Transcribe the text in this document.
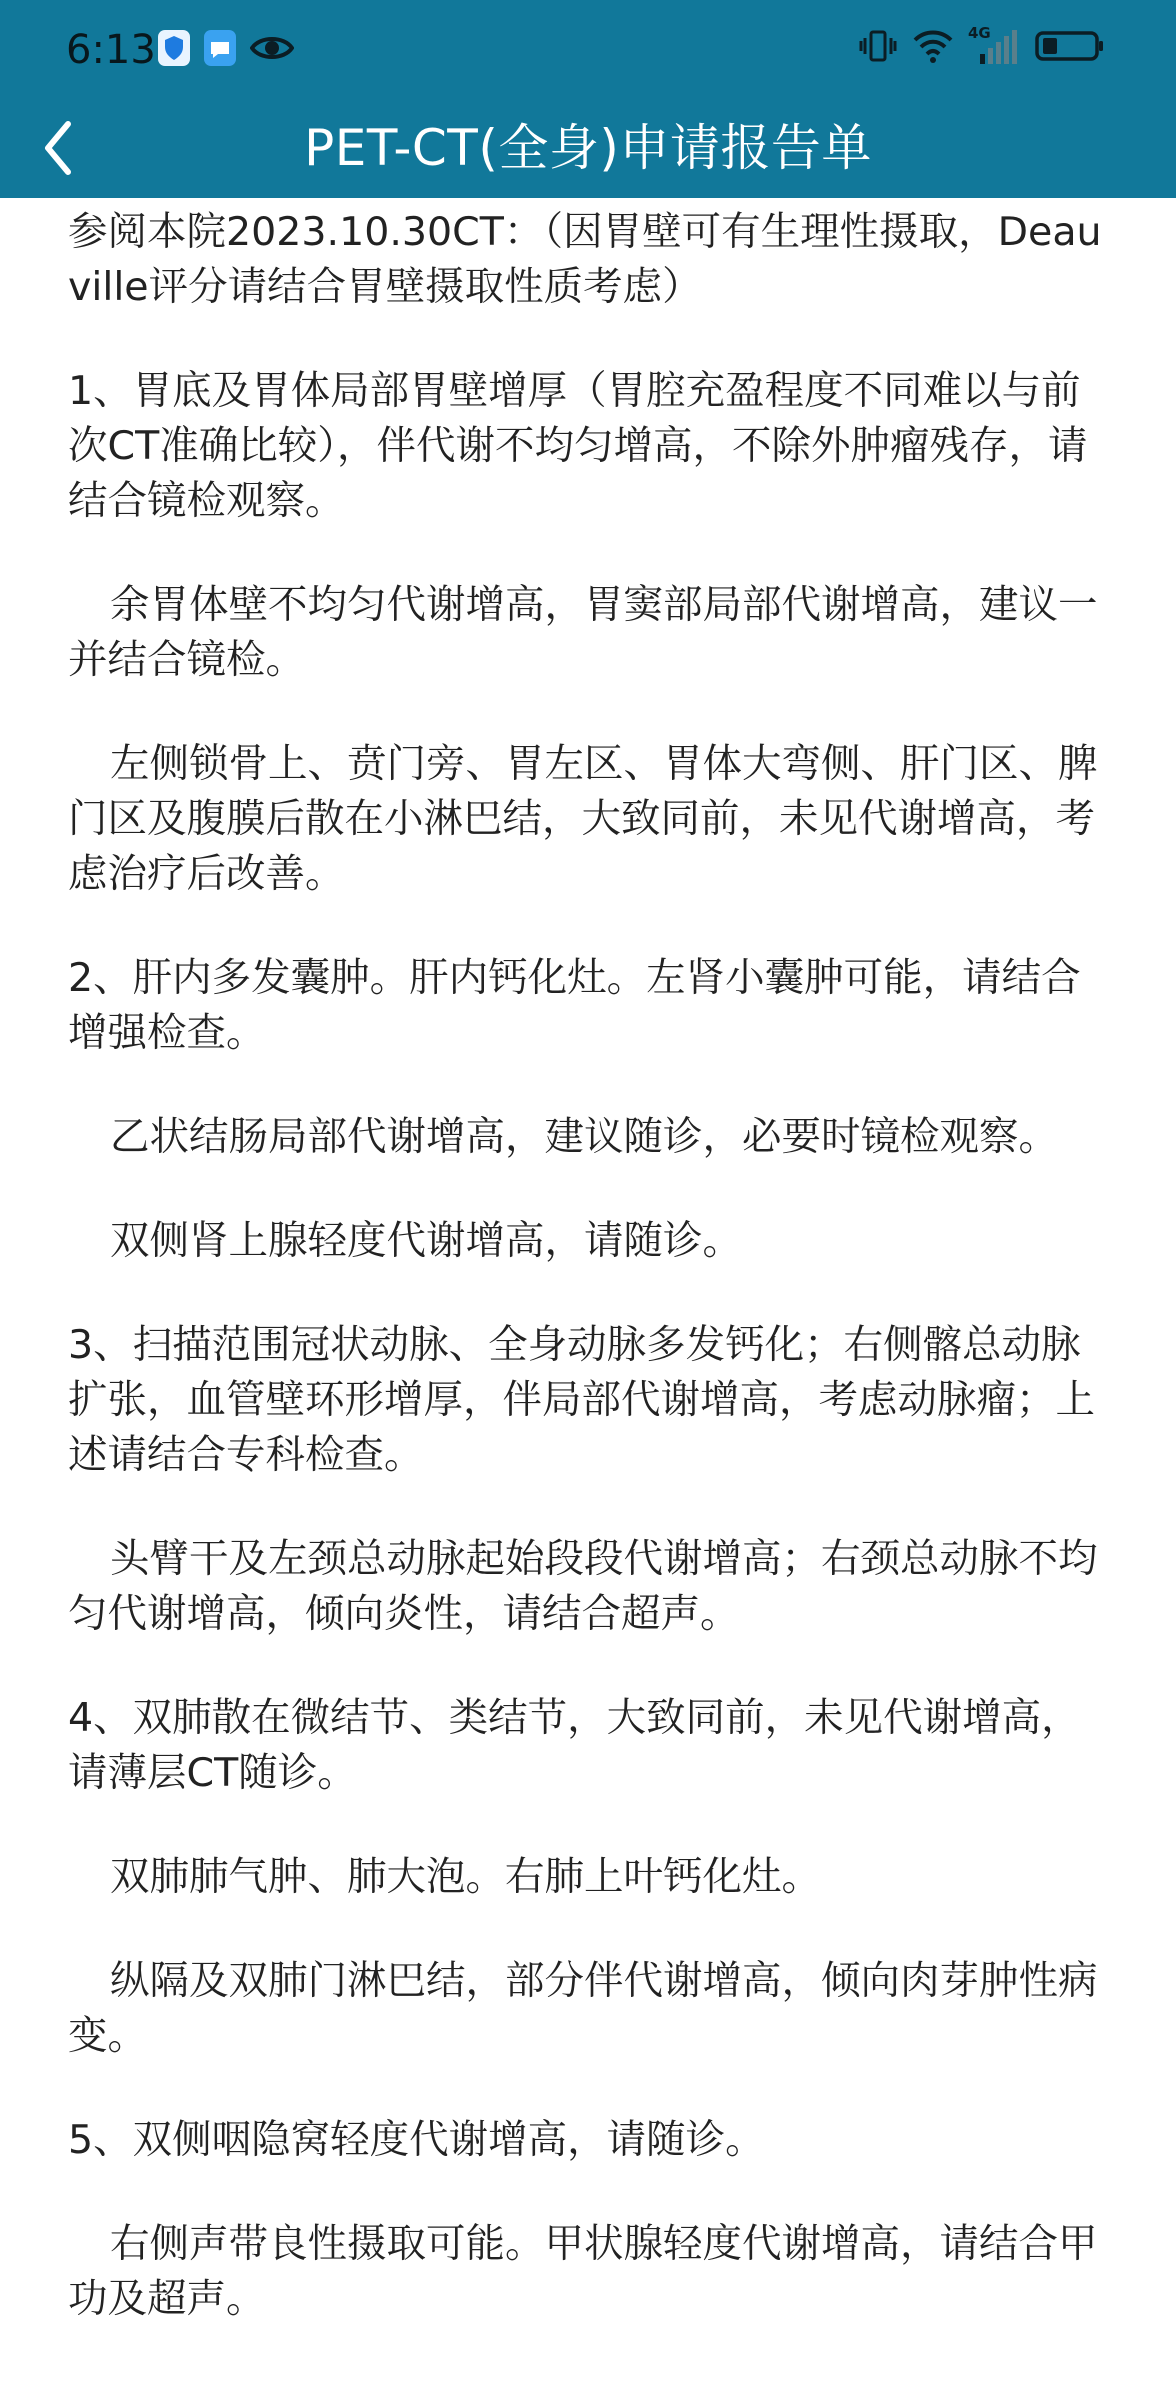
6:13	4G
PET-CT(全身)申请报告单

参阅本院2023.10.30CT：（因胃壁可有生理性摄取，Deauville评分请结合胃壁摄取性质考虑）

1、胃底及胃体局部胃壁增厚（胃腔充盈程度不同难以与前次CT准确比较），伴代谢不均匀增高，不除外肿瘤残存，请结合镜检观察。

余胃体壁不均匀代谢增高，胃窦部局部代谢增高，建议一并结合镜检。

左侧锁骨上、贲门旁、胃左区、胃体大弯侧、肝门区、脾门区及腹膜后散在小淋巴结，大致同前，未见代谢增高，考虑治疗后改善。

2、肝内多发囊肿。肝内钙化灶。左肾小囊肿可能，请结合增强检查。

乙状结肠局部代谢增高，建议随诊，必要时镜检观察。

双侧肾上腺轻度代谢增高，请随诊。

3、扫描范围冠状动脉、全身动脉多发钙化；右侧髂总动脉扩张，血管壁环形增厚，伴局部代谢增高，考虑动脉瘤；上述请结合专科检查。

头臂干及左颈总动脉起始段段代谢增高；右颈总动脉不均匀代谢增高，倾向炎性，请结合超声。

4、双肺散在微结节、类结节，大致同前，未见代谢增高，请薄层CT随诊。

双肺肺气肿、肺大泡。右肺上叶钙化灶。

纵隔及双肺门淋巴结，部分伴代谢增高，倾向肉芽肿性病变。

5、双侧咽隐窝轻度代谢增高，请随诊。

右侧声带良性摄取可能。甲状腺轻度代谢增高，请结合甲功及超声。
